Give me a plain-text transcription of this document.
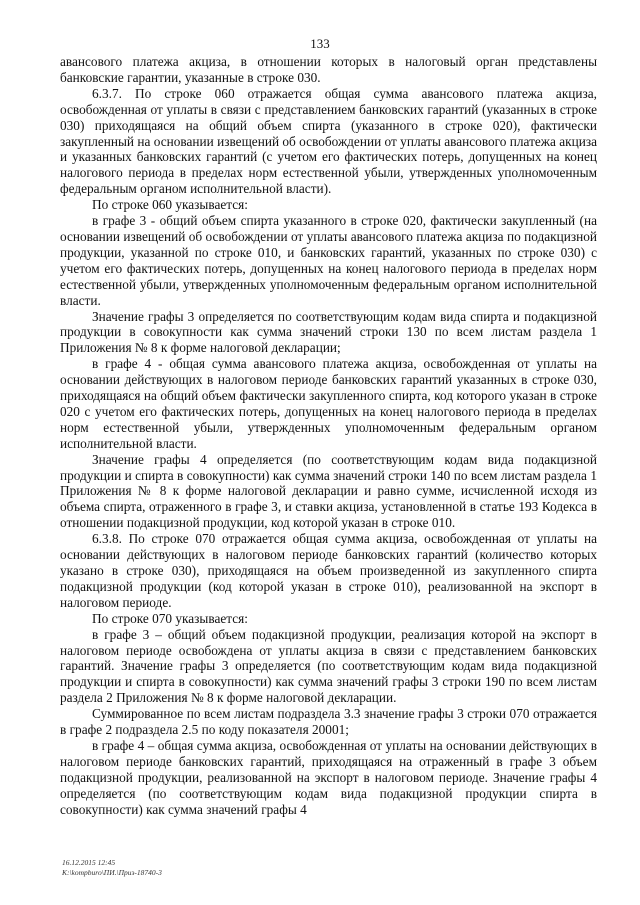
133

авансового платежа акциза, в отношении которых в налоговый орган представлены банковские гарантии, указанные в строке 030.

6.3.7. По строке 060 отражается общая сумма авансового платежа акциза, освобожденная от уплаты в связи с представлением банковских гарантий (указанных в строке 030) приходящаяся на общий объем спирта (указанного в строке 020), фактически закупленный на основании извещений об освобождении от уплаты авансового платежа акциза и указанных банковских гарантий (с учетом его фактических потерь, допущенных на конец налогового периода в пределах норм естественной убыли, утвержденных уполномоченным федеральным органом исполнительной власти).

По строке 060 указывается:

в графе 3 - общий объем спирта указанного в строке 020, фактически закупленный (на основании извещений об освобождении от уплаты авансового платежа акциза по подакцизной продукции, указанной по строке 010, и банковских гарантий, указанных по строке 030) с учетом его фактических потерь, допущенных на конец налогового периода в пределах норм естественной убыли, утвержденных уполномоченным федеральным органом исполнительной власти.

Значение графы 3 определяется по соответствующим кодам вида спирта и подакцизной продукции в совокупности как сумма значений строки 130 по всем листам раздела 1 Приложения № 8 к форме налоговой декларации;

в графе 4 - общая сумма авансового платежа акциза, освобожденная от уплаты на основании действующих в налоговом периоде банковских гарантий указанных в строке 030, приходящаяся на общий объем фактически закупленного спирта, код которого указан в строке 020 с учетом его фактических потерь, допущенных на конец налогового периода в пределах норм естественной убыли, утвержденных уполномоченным федеральным органом исполнительной власти.

Значение графы 4 определяется (по соответствующим кодам вида подакцизной продукции и спирта в совокупности) как сумма значений строки 140 по всем листам раздела 1 Приложения № 8 к форме налоговой декларации и равно сумме, исчисленной исходя из объема спирта, отраженного в графе 3, и ставки акциза, установленной в статье 193 Кодекса в отношении подакцизной продукции, код которой указан в строке 010.

6.3.8. По строке 070 отражается общая сумма акциза, освобожденная от уплаты на основании действующих в налоговом периоде банковских гарантий (количество которых указано в строке 030), приходящаяся на объем произведенной из закупленного спирта подакцизной продукции (код которой указан в строке 010), реализованной на экспорт в налоговом периоде.

По строке 070 указывается:

в графе 3 – общий объем подакцизной продукции, реализация которой на экспорт в налоговом периоде освобождена от уплаты акциза в связи с представлением банковских гарантий. Значение графы 3 определяется (по соответствующим кодам вида подакцизной продукции и спирта в совокупности) как сумма значений графы 3 строки 190 по всем листам раздела 2 Приложения № 8 к форме налоговой декларации.

Суммированное по всем листам подраздела 3.3 значение графы 3 строки 070 отражается в графе 2 подраздела 2.5 по коду показателя 20001;

в графе 4 – общая сумма акциза, освобожденная от уплаты на основании действующих в налоговом периоде банковских гарантий, приходящаяся на отраженный в графе 3 объем подакцизной продукции, реализованной на экспорт в налоговом периоде. Значение графы 4 определяется (по соответствующим кодам вида подакцизной продукции спирта в совокупности) как сумма значений графы 4

16.12.2015 12:45
К:\kompburo\ПИ.\Приз-18740-3
